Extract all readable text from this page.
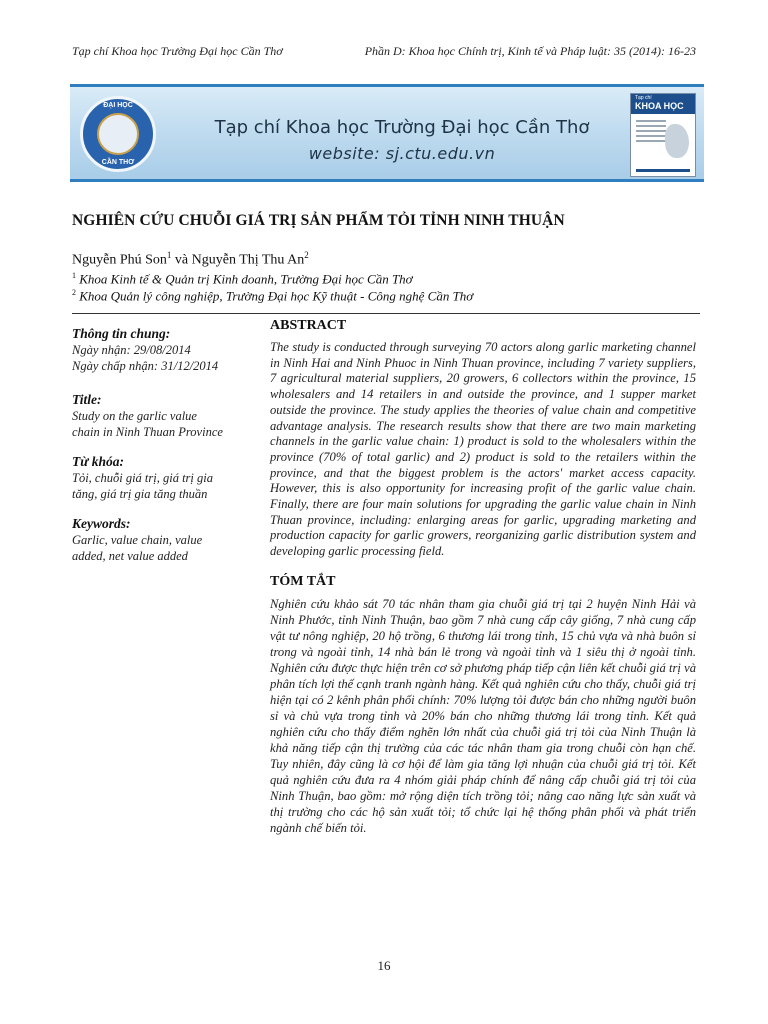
Tạp chí Khoa học Trường Đại học Cần Thơ	Phần D: Khoa học Chính trị, Kinh tế và Pháp luật: 35 (2014): 16-23
ĐẠI HỌC
CẦN THƠ
Tạp chí Khoa học Trường Đại học Cần Thơ
website: sj.ctu.edu.vn
Tạp chí
KHOA HỌC
NGHIÊN CỨU CHUỖI GIÁ TRỊ SẢN PHẨM TỎI TỈNH NINH THUẬN
Nguyễn Phú Son$^1$ và Nguyễn Thị Thu An$^2$
$^1$ Khoa Kinh tế & Quản trị Kinh doanh, Trường Đại học Cần Thơ
$^2$ Khoa Quản lý công nghiệp, Trường Đại học Kỹ thuật - Công nghệ Cần Thơ

Thông tin chung:

Ngày nhận: 29/08/2014

Ngày chấp nhận: 31/12/2014

Title:

Study on the garlic value

chain in Ninh Thuan Province

Từ khóa:

Tỏi, chuỗi giá trị, giá trị gia

tăng, giá trị gia tăng thuần

Keywords:

Garlic, value chain, value

added, net value added

ABSTRACT

The study is conducted through surveying 70 actors along garlic marketing channel in Ninh Hai and Ninh Phuoc in Ninh Thuan province, including 7 variety suppliers, 7 agricultural material suppliers, 20 growers, 6 collectors within the province, 15 wholesalers and 14 retailers in and outside the province, and 1 supper market outside the province. The study applies the theories of value chain and competitive advantage analysis. The research results show that there are two main marketing channels in the garlic value chain: 1) product is sold to the wholesalers within the province (70% of total garlic) and 2) product is sold to the retailers within the province, and that the biggest problem is the actors' market access capacity. However, this is also opportunity for increasing profit of the garlic value chain. Finally, there are four main solutions for upgrading the garlic value chain in Ninh Thuan province, including: enlarging areas for garlic, upgrading marketing and production capacity for garlic growers, reorganizing garlic distribution system and developing garlic processing field.

TÓM TẮT

Nghiên cứu khảo sát 70 tác nhân tham gia chuỗi giá trị tại 2 huyện Ninh Hải và Ninh Phước, tỉnh Ninh Thuận, bao gồm 7 nhà cung cấp cây giống, 7 nhà cung cấp vật tư nông nghiệp, 20 hộ trồng, 6 thương lái trong tỉnh, 15 chủ vựa và nhà buôn sỉ trong và ngoài tỉnh, 14 nhà bán lẻ trong và ngoài tỉnh và 1 siêu thị ở ngoài tỉnh. Nghiên cứu được thực hiện trên cơ sở phương pháp tiếp cận liên kết chuỗi giá trị và phân tích lợi thế cạnh tranh ngành hàng. Kết quả nghiên cứu cho thấy, chuỗi giá trị hiện tại có 2 kênh phân phối chính: 70% lượng tỏi được bán cho những người buôn sỉ và chủ vựa trong tỉnh và 20% bán cho những thương lái trong tỉnh. Kết quả nghiên cứu cho thấy điểm nghẽn lớn nhất của chuỗi giá trị tỏi của Ninh Thuận là khả năng tiếp cận thị trường của các tác nhân tham gia trong chuỗi còn hạn chế. Tuy nhiên, đây cũng là cơ hội để làm gia tăng lợi nhuận của chuỗi giá trị tỏi. Kết quả nghiên cứu đưa ra 4 nhóm giải pháp chính để nâng cấp chuỗi giá trị tỏi của Ninh Thuận, bao gồm: mở rộng diện tích trồng tỏi; nâng cao năng lực sản xuất và thị trường cho các hộ sản xuất tỏi; tổ chức lại hệ thống phân phối và phát triển ngành chế biến tỏi.

16
